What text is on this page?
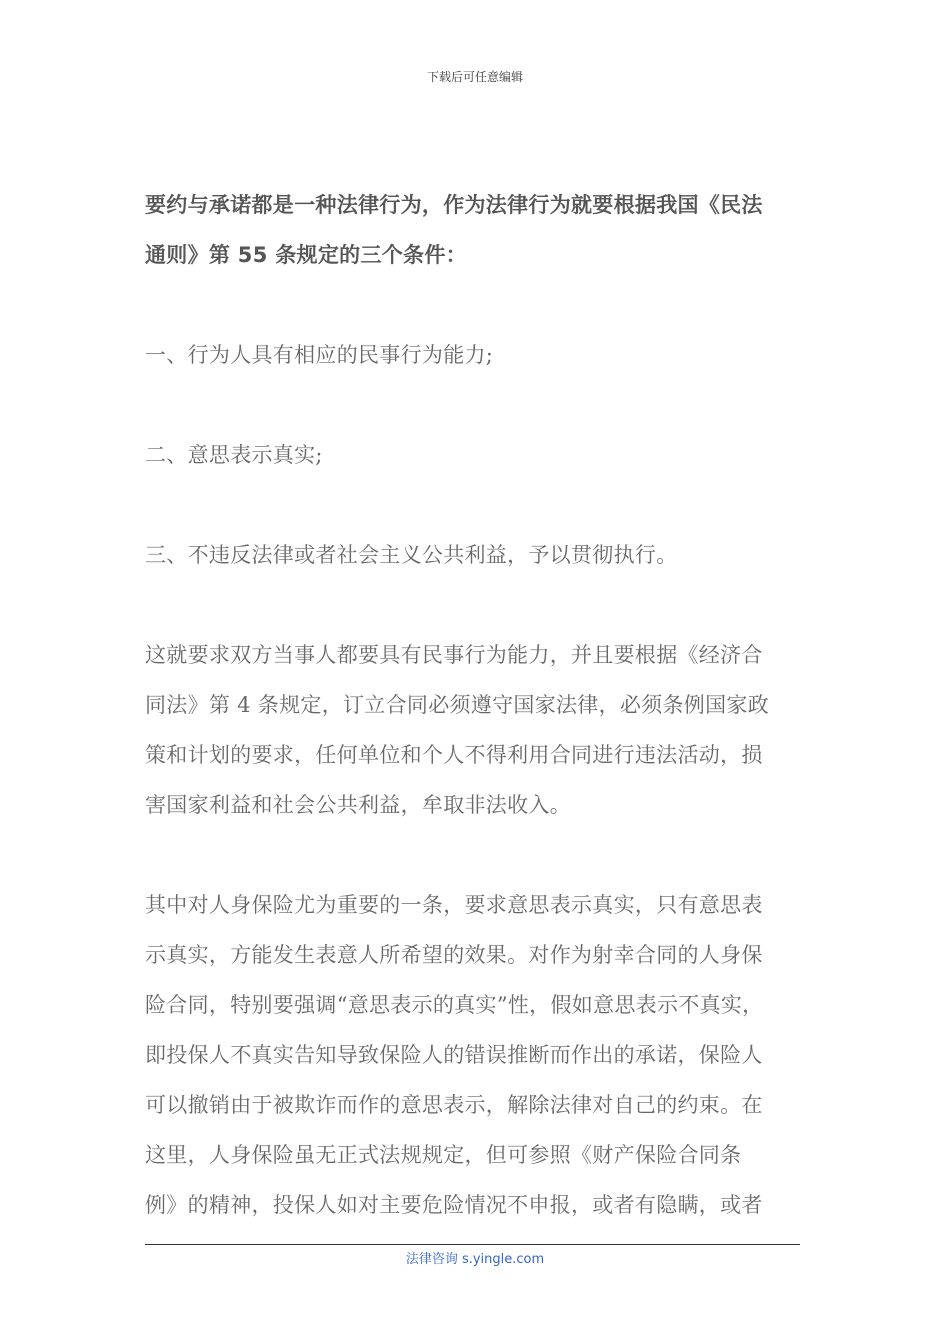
下载后可任意编辑

要约与承诺都是一种法律行为，作为法律行为就要根据我国《民法

通则》第 55 条规定的三个条件：

一、行为人具有相应的民事行为能力;

二、意思表示真实;

三、不违反法律或者社会主义公共利益，予以贯彻执行。

这就要求双方当事人都要具有民事行为能力，并且要根据《经济合

同法》第 4 条规定，订立合同必须遵守国家法律，必须条例国家政

策和计划的要求，任何单位和个人不得利用合同进行违法活动，损

害国家利益和社会公共利益，牟取非法收入。

其中对人身保险尤为重要的一条，要求意思表示真实，只有意思表

示真实，方能发生表意人所希望的效果。对作为射幸合同的人身保

险合同，特别要强调“意思表示的真实”性，假如意思表示不真实，

即投保人不真实告知导致保险人的错误推断而作出的承诺，保险人

可以撤销由于被欺诈而作的意思表示，解除法律对自己的约束。在

这里，人身保险虽无正式法规规定，但可参照《财产保险合同条

例》的精神，投保人如对主要危险情况不申报，或者有隐瞒，或者

法律咨询 s.yingle.com
